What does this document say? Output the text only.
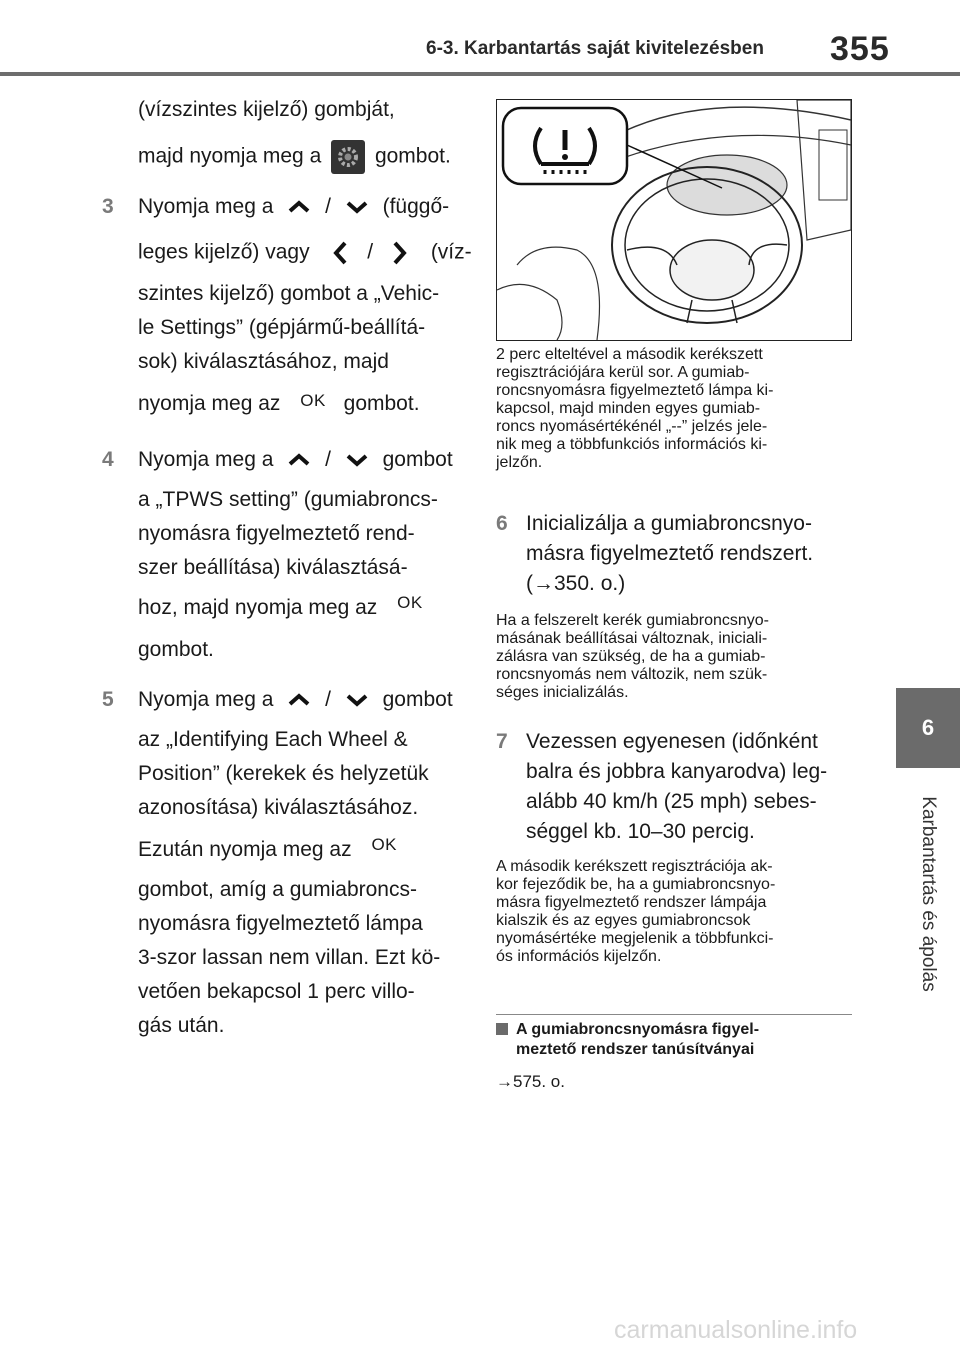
6-3. Karbantartás saját kivitelezésben 355
6
Karbantartás és ápolás
(vízszintes kijelző) gombját,
majd nyomja meg a	gombot.
3 Nyomja meg a / (függő-
leges kijelző) vagy	/	(víz-
szintes kijelző) gombot a „Vehic-
le Settings” (gépjármű-beállítá-
sok) kiválasztásához, majd
nyomja meg az OK gombot.
4 Nyomja meg a / gombot
a „TPWS setting” (gumiabroncs-
nyomásra figyelmeztető rend-
szer beállítása) kiválasztásá-
hoz, majd nyomja meg az $^{OK}$
gombot.
5 Nyomja meg a / gombot
az „Identifying Each Wheel &
Position” (kerekek és helyzetük
azonosítása) kiválasztásához.
Ezután nyomja meg az $^{OK}$
gombot, amíg a gumiabroncs-
nyomásra figyelmeztető lámpa
3-szor lassan nem villan. Ezt kö-
vetően bekapcsol 1 perc villo-
gás után.
2 perc elteltével a második kerékszett
regisztrációjára kerül sor. A gumiab-
roncsnyomásra figyelmeztető lámpa ki-
kapcsol, majd minden egyes gumiab-
roncs nyomásértékénél „--” jelzés jele-
nik meg a többfunkciós információs ki-
jelzőn.
6 Inicializálja a gumiabroncsnyo-
másra figyelmeztető rendszert.
(→350. o.)
Ha a felszerelt kerék gumiabroncsnyo-
másának beállításai változnak, iniciali-
zálásra van szükség, de ha a gumiab-
roncsnyomás nem változik, nem szük-
séges inicializálás.
7 Vezessen egyenesen (időnként
balra és jobbra kanyarodva) leg-
alább 40 km/h (25 mph) sebes-
séggel kb. 10–30 percig.
A második kerékszett regisztrációja ak-
kor fejeződik be, ha a gumiabroncsnyo-
másra figyelmeztető rendszer lámpája
kialszik és az egyes gumiabroncsok
nyomásértéke megjelenik a többfunkci-
ós információs kijelzőn.
A gumiabroncsnyomásra figyel-
meztető rendszer tanúsítványai
→575. o.
carmanualsonline.info
